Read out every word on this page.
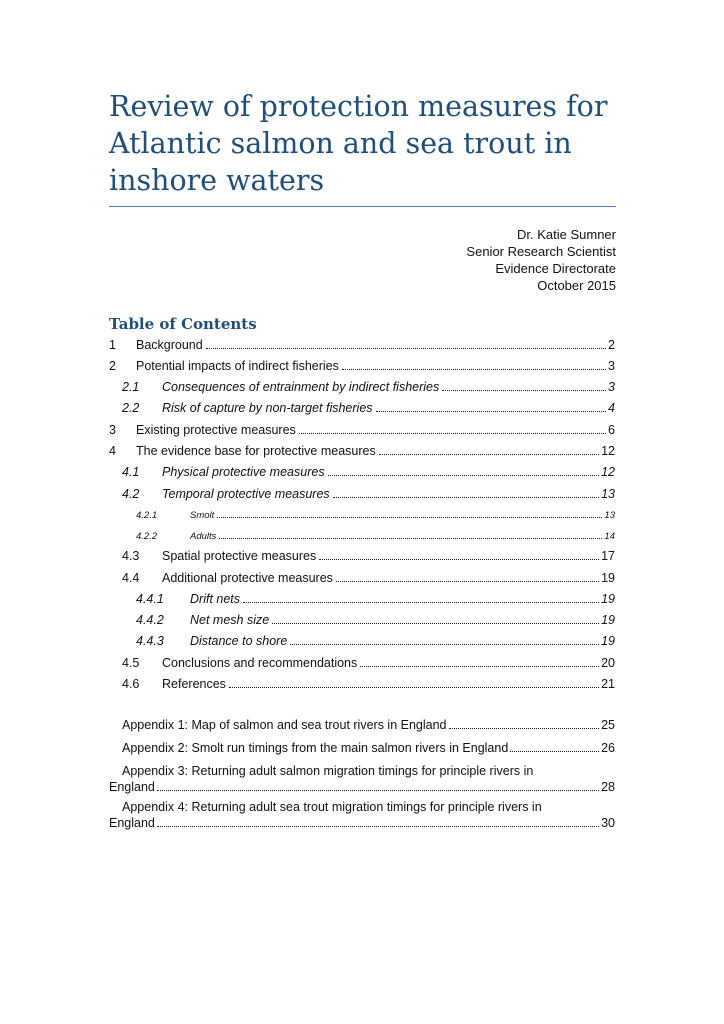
Review of protection measures for Atlantic salmon and sea trout in inshore waters
Dr. Katie Sumner
Senior Research Scientist
Evidence Directorate
October 2015
Table of Contents
1	Background	2
2	Potential impacts of indirect fisheries	3
2.1	Consequences of entrainment by indirect fisheries	3
2.2	Risk of capture by non-target fisheries	4
3	Existing protective measures	6
4	The evidence base for protective measures	12
4.1	Physical protective measures	12
4.2	Temporal protective measures	13
4.2.1	Smolt	13
4.2.2	Adults	14
4.3	Spatial protective measures	17
4.4	Additional protective measures	19
4.4.1	Drift nets	19
4.4.2	Net mesh size	19
4.4.3	Distance to shore	19
4.5	Conclusions and recommendations	20
4.6	References	21
Appendix 1: Map of salmon and sea trout rivers in England	25
Appendix 2: Smolt run timings from the main salmon rivers in England	26
Appendix 3: Returning adult salmon migration timings for principle rivers in
England	28
Appendix 4: Returning adult sea trout migration timings for principle rivers in
England	30
